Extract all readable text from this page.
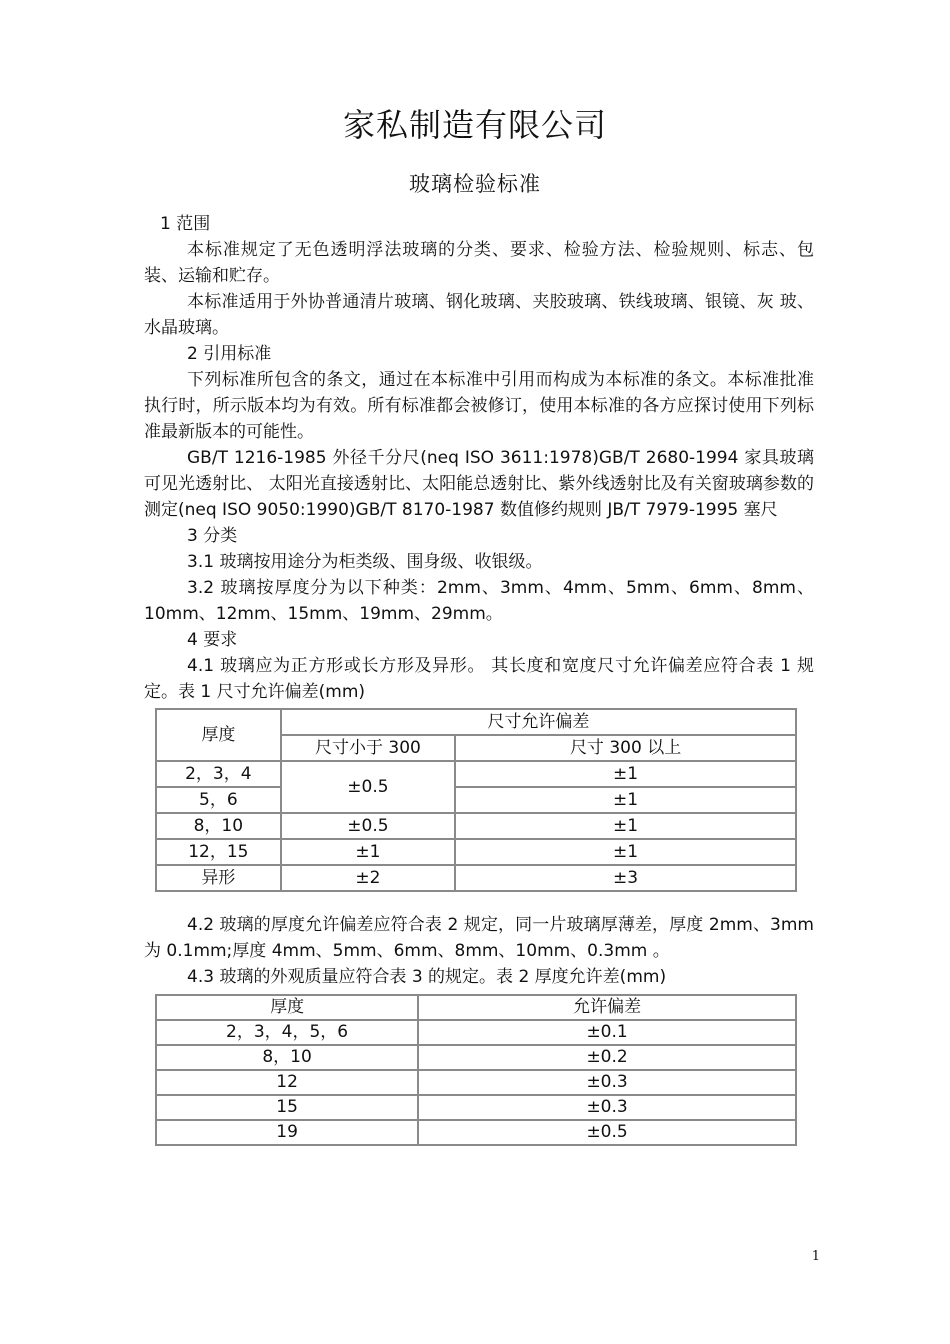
家私制造有限公司
玻璃检验标准

1 范围

本标准规定了无色透明浮法玻璃的分类、要求、检验方法、检验规则、标志、包装、运输和贮存。

本标准适用于外协普通清片玻璃、钢化玻璃、夹胶玻璃、铁线玻璃、银镜、灰 玻、水晶玻璃。

2 引用标准

下列标准所包含的条文，通过在本标准中引用而构成为本标准的条文。本标准批准执行时，所示版本均为有效。所有标准都会被修订，使用本标准的各方应探讨使用下列标准最新版本的可能性。

GB/T 1216-1985 外径千分尺(neq ISO 3611:1978)GB/T 2680-1994 家具玻璃 可见光透射比、 太阳光直接透射比、太阳能总透射比、紫外线透射比及有关窗玻璃参数的测定(neq ISO 9050:1990)GB/T 8170-1987 数值修约规则 JB/T 7979-1995 塞尺

3 分类

3.1 玻璃按用途分为柜类级、围身级、收银级。

3.2 玻璃按厚度分为以下种类：2mm、3mm、4mm、5mm、6mm、8mm、10mm、12mm、15mm、19mm、29mm。

4 要求

4.1 玻璃应为正方形或长方形及异形。 其长度和宽度尺寸允许偏差应符合表 1 规定。表 1 尺寸允许偏差(mm)

厚度	尺寸允许偏差	
	尺寸小于 300	尺寸 300 以上
2，3，4	±0.5	±1
5，6		±1
8，10	±0.5	±1
12，15	±1	±1
异形	±2	±3

4.2 玻璃的厚度允许偏差应符合表 2 规定，同一片玻璃厚薄差，厚度 2mm、3mm 为 0.1mm;厚度 4mm、5mm、6mm、8mm、10mm、0.3mm 。

4.3 玻璃的外观质量应符合表 3 的规定。表 2 厚度允许差(mm)

厚度	允许偏差
2，3，4，5，6	±0.1
8，10	±0.2
12	±0.3
15	±0.3
19	±0.5
1
